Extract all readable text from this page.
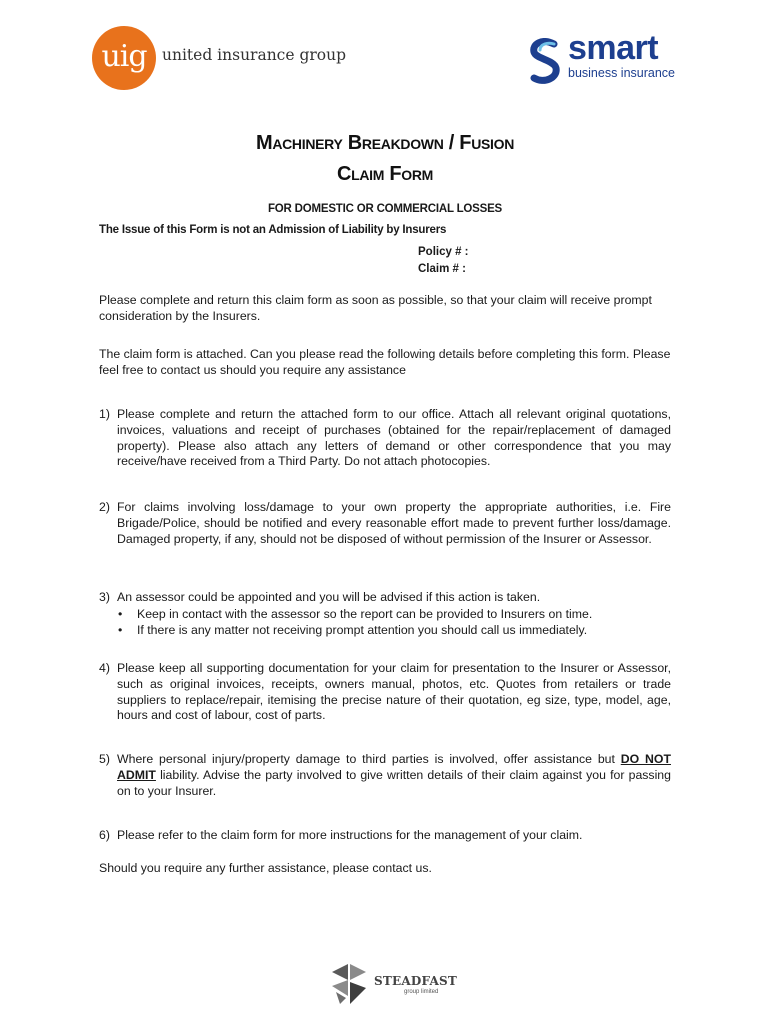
uig united insurance group	smart
business insurance
Machinery Breakdown / Fusion
Claim Form
FOR DOMESTIC OR COMMERCIAL LOSSES
The Issue of this Form is not an Admission of Liability by Insurers
Policy # :
Claim # :
Please complete and return this claim form as soon as possible, so that your claim will receive prompt consideration by the Insurers.
The claim form is attached. Can you please read the following details before completing this form. Please feel free to contact us should you require any assistance
1) Please complete and return the attached form to our office. Attach all relevant original quotations, invoices, valuations and receipt of purchases (obtained for the repair/replacement of damaged property). Please also attach any letters of demand or other correspondence that you may receive/have received from a Third Party. Do not attach photocopies.
2) For claims involving loss/damage to your own property the appropriate authorities, i.e. Fire Brigade/Police, should be notified and every reasonable effort made to prevent further loss/damage. Damaged property, if any, should not be disposed of without permission of the Insurer or Assessor.
3) An assessor could be appointed and you will be advised if this action is taken.
• Keep in contact with the assessor so the report can be provided to Insurers on time.
• If there is any matter not receiving prompt attention you should call us immediately.
4) Please keep all supporting documentation for your claim for presentation to the Insurer or Assessor, such as original invoices, receipts, owners manual, photos, etc. Quotes from retailers or trade suppliers to replace/repair, itemising the precise nature of their quotation, eg size, type, model, age, hours and cost of labour, cost of parts.
5) Where personal injury/property damage to third parties is involved, offer assistance but DO NOT ADMIT liability. Advise the party involved to give written details of their claim against you for passing on to your Insurer.
6) Please refer to the claim form for more instructions for the management of your claim.
Should you require any further assistance, please contact us.
STEADFAST
group limited
